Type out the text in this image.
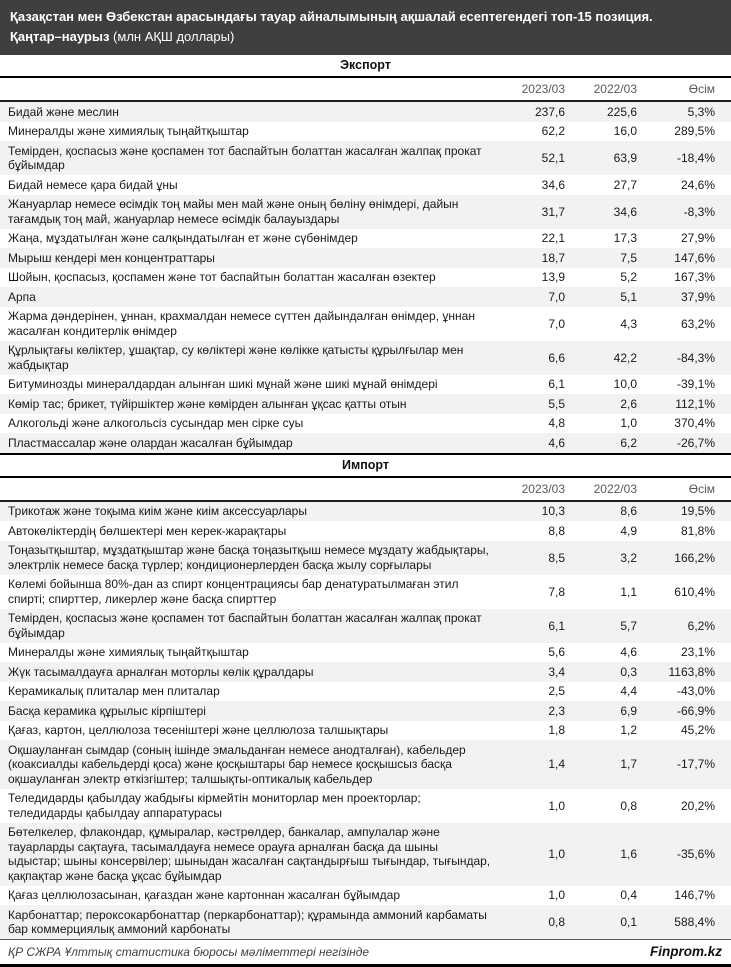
Қазақстан мен Өзбекстан арасындағы тауар айналымының ақшалай есептегендегі топ-15 позиция.
Қаңтар–наурыз (млн АҚШ доллары)
Экспорт
2023/03	2022/03	Өсім
Бидай және меслин	237,6	225,6	5,3%
Минералды және химиялық тыңайтқыштар	62,2	16,0	289,5%
Темірден, қоспасыз және қоспамен тот баспайтын болаттан жасалған жалпақ прокат бұйымдар
52,1	63,9	-18,4%
Бидай немесе қара бидай ұны	34,6	27,7	24,6%
Жануарлар немесе өсімдік тоң майы мен май және оның бөліну өнімдері, дайын тағамдық тоң май, жануарлар немесе өсімдік балауыздары
31,7	34,6	-8,3%
Жаңа, мұздатылған және салқындатылған ет және сүбөнімдер	22,1	17,3	27,9%
Мырыш кендері мен концентраттары	18,7	7,5	147,6%
Шойын, қоспасыз, қоспамен және тот баспайтын болаттан жасалған өзектер	13,9	5,2	167,3%
Арпа	7,0	5,1	37,9%
Жарма дәндерінен, ұннан, крахмалдан немесе сүттен дайындалған өнімдер, ұннан жасалған кондитерлік өнімдер
7,0	4,3	63,2%
Құрлықтағы көліктер, ұшақтар, су көліктері және көлікке қатысты құрылғылар мен жабдықтар
6,6	42,2	-84,3%
Битуминозды минералдардан алынған шикі мұнай және шикі мұнай өнімдері	6,1	10,0	-39,1%
Көмір тас; брикет, түйіршіктер және көмірден алынған ұқсас қатты отын	5,5	2,6	112,1%
Алкогольді және алкогольсіз сусындар мен сірке суы	4,8	1,0	370,4%
Пластмассалар және олардан жасалған бұйымдар	4,6	6,2	-26,7%
Импорт
2023/03	2022/03	Өсім
Трикотаж және тоқыма киім және киім аксессуарлары	10,3	8,6	19,5%
Автокөліктердің бөлшектері мен керек-жарақтары	8,8	4,9	81,8%
Тоңазытқыштар, мұздатқыштар және басқа тоңазытқыш немесе мұздату жабдықтары, электрлік немесе басқа түрлер; кондиционерлерден басқа жылу сорғылары
8,5	3,2	166,2%
Көлемі бойынша 80%-дан аз спирт концентрациясы бар денатуратылмаған этил спирті; спирттер, ликерлер және басқа спирттер
7,8	1,1	610,4%
Темірден, қоспасыз және қоспамен тот баспайтын болаттан жасалған жалпақ прокат бұйымдар
6,1	5,7	6,2%
Минералды және химиялық тыңайтқыштар	5,6	4,6	23,1%
Жүк тасымалдауға арналған моторлы көлік құралдары	3,4	0,3	1163,8%
Керамикалық плиталар мен плиталар	2,5	4,4	-43,0%
Басқа керамика құрылыс кірпіштері	2,3	6,9	-66,9%
Қағаз, картон, целлюлоза төсеніштері және целлюлоза талшықтары	1,8	1,2	45,2%
Оқшауланған сымдар (соның ішінде эмальданған немесе анодталған), кабельдер (коаксиалды кабельдерді қоса) және қосқыштары бар немесе қосқышсыз басқа оқшауланған электр өткізгіштер; талшықты-оптикалық кабельдер
1,4	1,7	-17,7%
Теледидарды қабылдау жабдығы кірмейтін мониторлар мен проекторлар; теледидарды қабылдау аппаратурасы
1,0	0,8	20,2%
Бөтелкелер, флакондар, құмыралар, кәстрөлдер, банкалар, ампулалар және тауарларды сақтауға, тасымалдауға немесе орауға арналған басқа да шыны ыдыстар; шыны консервілер; шыныдан жасалған сақтандырғыш тығындар, тығындар, қақпақтар және басқа ұқсас бұйымдар
1,0	1,6	-35,6%
Қағаз целлюлозасынан, қағаздан және картоннан жасалған бұйымдар	1,0	0,4	146,7%
Карбонаттар; пероксокарбонаттар (перкарбонаттар); құрамында аммоний карбаматы бар коммерциялық аммоний карбонаты
0,8	0,1	588,4%
ҚР СЖРА Ұлттық статистика бюросы мәліметтері негізінде	Finprom.kz
